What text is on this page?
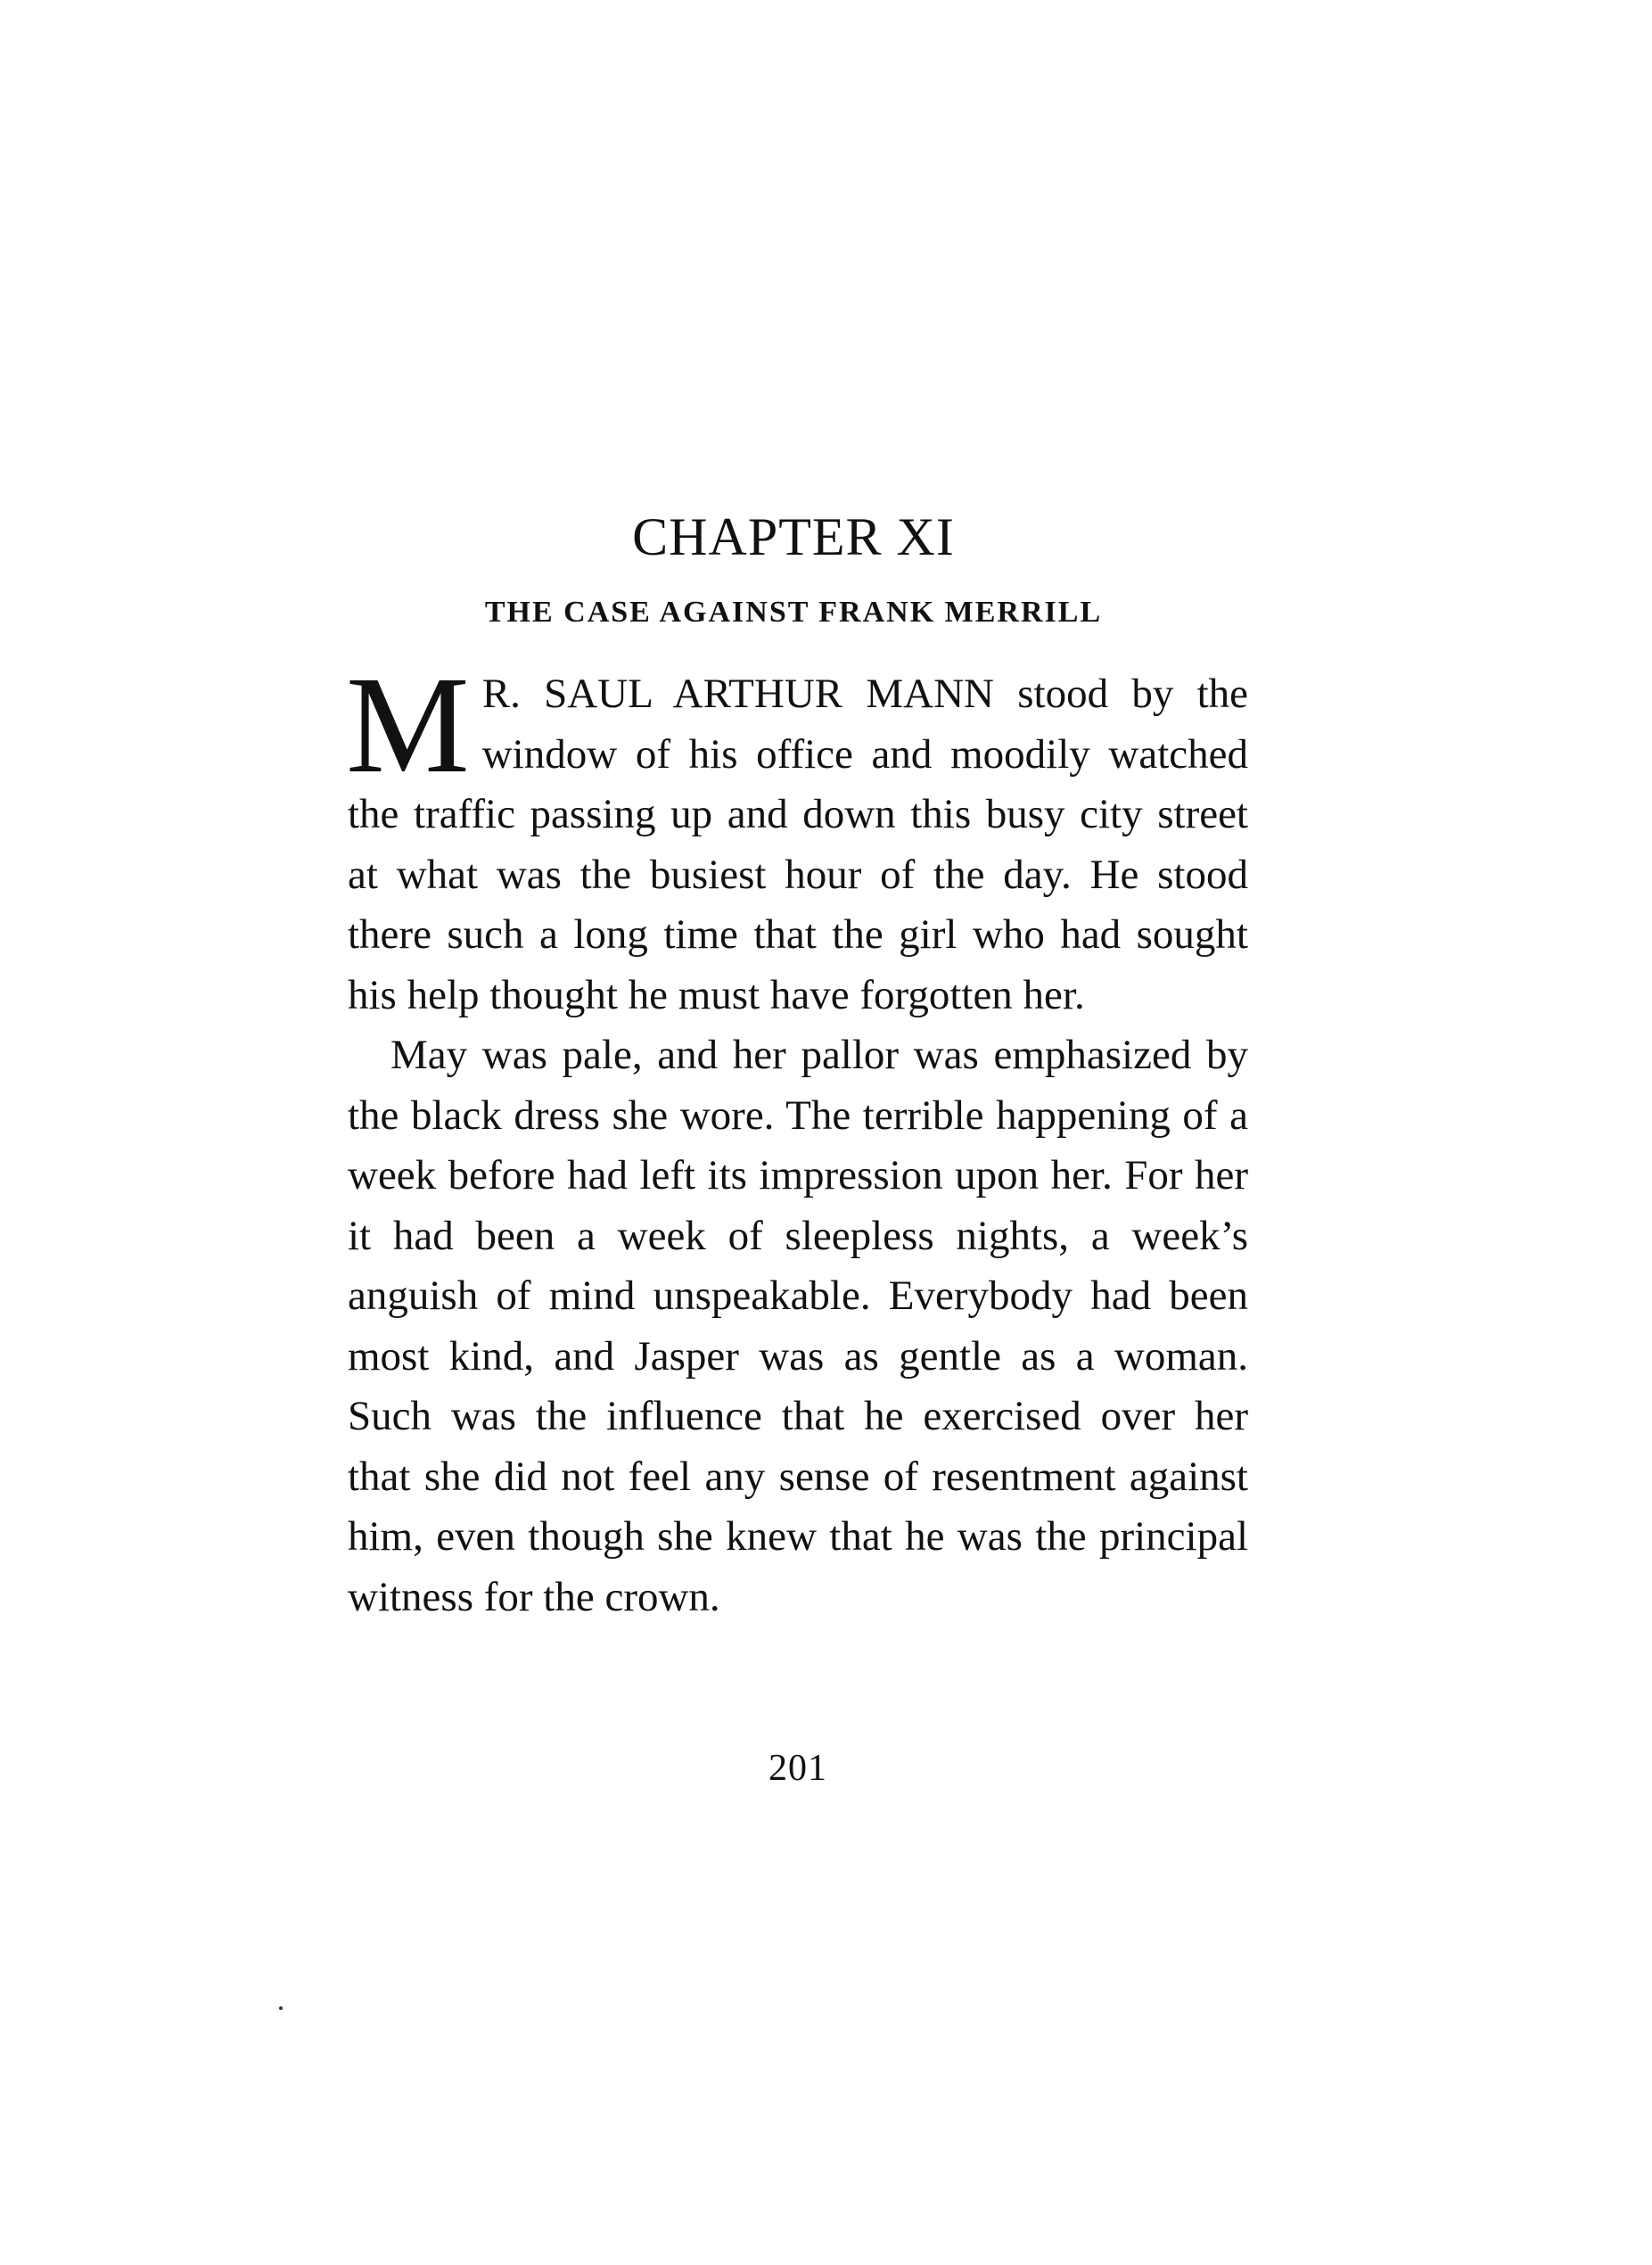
CHAPTER XI
THE CASE AGAINST FRANK MERRILL

M R. SAUL ARTHUR MANN stood by the window of his office and moodily watched the traffic passing up and down this busy city street at what was the busiest hour of the day. He stood there such a long time that the girl who had sought his help thought he must have forgotten her.

May was pale, and her pallor was emphasized by the black dress she wore. The terrible happening of a week before had left its impression upon her. For her it had been a week of sleepless nights, a week’s anguish of mind unspeakable. Everybody had been most kind, and Jasper was as gentle as a woman. Such was the influence that he exercised over her that she did not feel any sense of resentment against him, even though she knew that he was the principal witness for the crown.

201
